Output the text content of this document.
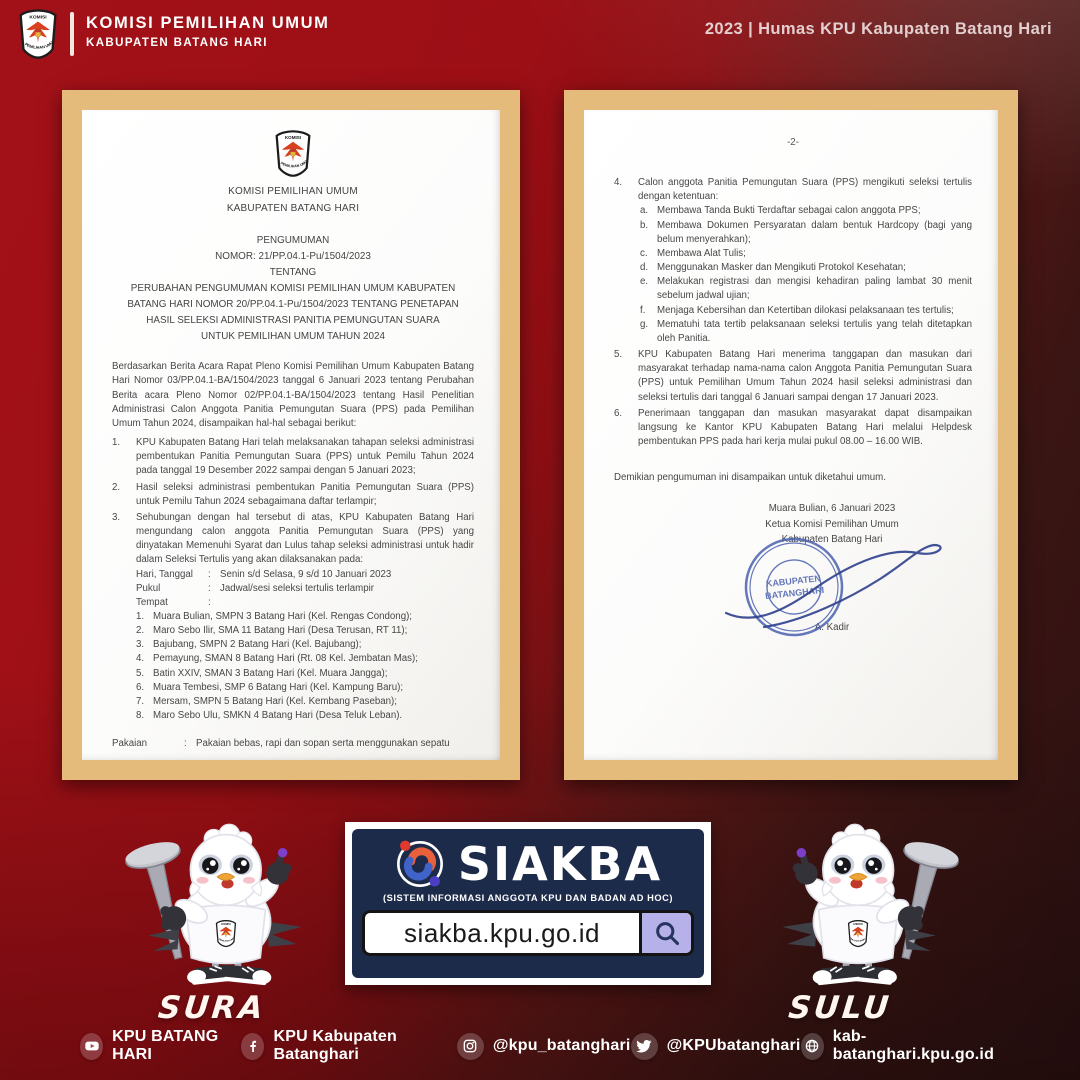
KOMISI PEMILIHAN UMUM
KABUPATEN BATANG HARI
2023 | Humas KPU Kabupaten Batang Hari
KOMISI PEMILIHAN UMUM
KABUPATEN BATANG HARI
PENGUMUMAN
NOMOR: 21/PP.04.1-Pu/1504/2023
TENTANG
PERUBAHAN PENGUMUMAN KOMISI PEMILIHAN UMUM KABUPATEN BATANG HARI NOMOR 20/PP.04.1-Pu/1504/2023 TENTANG PENETAPAN HASIL SELEKSI ADMINISTRASI PANITIA PEMUNGUTAN SUARA
UNTUK PEMILIHAN UMUM TAHUN 2024
Berdasarkan Berita Acara Rapat Pleno Komisi Pemilihan Umum Kabupaten Batang Hari Nomor 03/PP.04.1-BA/1504/2023 tanggal 6 Januari 2023 tentang Perubahan Berita acara Pleno Nomor 02/PP.04.1-BA/1504/2023 tentang Hasil Penelitian Administrasi Calon Anggota Panitia Pemungutan Suara (PPS) pada Pemilihan Umum Tahun 2024, disampaikan hal-hal sebagai berikut:
1.	KPU Kabupaten Batang Hari telah melaksanakan tahapan seleksi administrasi pembentukan Panitia Pemungutan Suara (PPS) untuk Pemilu Tahun 2024 pada tanggal 19 Desember 2022 sampai dengan 5 Januari 2023;
2.	Hasil seleksi administrasi pembentukan Panitia Pemungutan Suara (PPS) untuk Pemilu Tahun 2024 sebagaimana daftar terlampir;
3.	Sehubungan dengan hal tersebut di atas, KPU Kabupaten Batang Hari mengundang calon anggota Panitia Pemungutan Suara (PPS) yang dinyatakan Memenuhi Syarat dan Lulus tahap seleksi administrasi untuk hadir dalam Seleksi Tertulis yang akan dilaksanakan pada:
Hari, Tanggal	: Senin s/d Selasa, 9 s/d 10 Januari 2023
Pukul	: Jadwal/sesi seleksi tertulis terlampir
Tempat	:
1. Muara Bulian, SMPN 3 Batang Hari (Kel. Rengas Condong);
2. Maro Sebo Ilir, SMA 11 Batang Hari (Desa Terusan, RT 11);
3. Bajubang, SMPN 2 Batang Hari (Kel. Bajubang);
4. Pemayung, SMAN 8 Batang Hari (Rt. 08 Kel. Jembatan Mas);
5. Batin XXIV, SMAN 3 Batang Hari (Kel. Muara Jangga);
6. Muara Tembesi, SMP 6 Batang Hari (Kel. Kampung Baru);
7. Mersam, SMPN 5 Batang Hari (Kel. Kembang Paseban);
8. Maro Sebo Ulu, SMKN 4 Batang Hari (Desa Teluk Leban).
Pakaian	: Pakaian bebas, rapi dan sopan serta menggunakan sepatu
-2-
4.	Calon anggota Panitia Pemungutan Suara (PPS) mengikuti seleksi tertulis dengan ketentuan:
a. Membawa Tanda Bukti Terdaftar sebagai calon anggota PPS;
b. Membawa Dokumen Persyaratan dalam bentuk Hardcopy (bagi yang belum menyerahkan);
c. Membawa Alat Tulis;
d. Menggunakan Masker dan Mengikuti Protokol Kesehatan;
e. Melakukan registrasi dan mengisi kehadiran paling lambat 30 menit sebelum jadwal ujian;
f.	Menjaga Kebersihan dan Ketertiban dilokasi pelaksanaan tes tertulis;
g. Mematuhi tata tertib pelaksanaan seleksi tertulis yang telah ditetapkan oleh Panitia.
5.	KPU Kabupaten Batang Hari menerima tanggapan dan masukan dari masyarakat terhadap nama-nama calon Anggota Panitia Pemungutan Suara (PPS) untuk Pemilihan Umum Tahun 2024 hasil seleksi administrasi dan seleksi tertulis dari tanggal 6 Januari sampai dengan 17 Januari 2023.
6.	Penerimaan tanggapan dan masukan masyarakat dapat disampaikan langsung ke Kantor KPU Kabupaten Batang Hari melalui Helpdesk pembentukan PPS pada hari kerja mulai pukul 08.00 – 16.00 WIB.
Demikian pengumuman ini disampaikan untuk diketahui umum.
Muara Bulian, 6 Januari 2023
Ketua Komisi Pemilihan Umum
Kabupaten Batang Hari
KABUPATEN
BATANGHARI
A. Kadir
SIAKBA
(SISTEM INFORMASI ANGGOTA KPU DAN BADAN AD HOC)
siakba.kpu.go.id
SURA	SULU
KPU BATANG HARI
KPU Kabupaten Batanghari
@kpu_batanghari @KPUbatanghari
kab-batanghari.kpu.go.id
